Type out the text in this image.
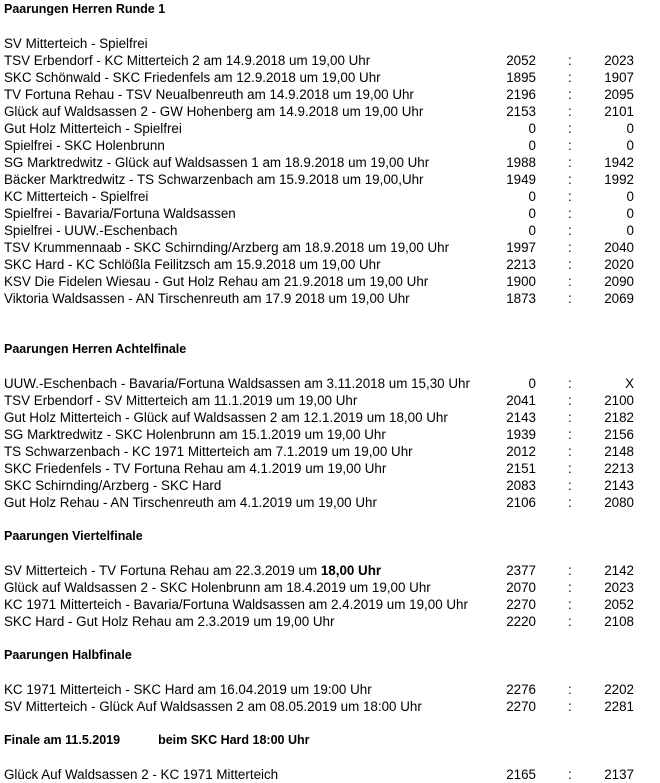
Paarungen Herren Runde 1
SV Mitterteich - Spielfrei
TSV Erbendorf - KC Mitterteich 2 am 14.9.2018 um 19,00 Uhr	2052 : 2023
SKC Schönwald - SKC Friedenfels am 12.9.2018 um 19,00 Uhr	1895 : 1907
TV Fortuna Rehau - TSV Neualbenreuth am 14.9.2018 um 19,00 Uhr	2196 : 2095
Glück auf Waldsassen 2 - GW Hohenberg am 14.9.2018 um 19,00 Uhr	2153 : 2101
Gut Holz Mitterteich - Spielfrei	0 :	0
Spielfrei - SKC Holenbrunn	0 :	0
SG Marktredwitz - Glück auf Waldsassen 1 am 18.9.2018 um 19,00 Uhr	1988 : 1942
Bäcker Marktredwitz - TS Schwarzenbach am 15.9.2018 um 19,00,Uhr	1949 : 1992
KC Mitterteich - Spielfrei	0 :	0
Spielfrei - Bavaria/Fortuna Waldsassen	0 :	0
Spielfrei - UUW.-Eschenbach	0 :	0
TSV Krummennaab - SKC Schirnding/Arzberg am 18.9.2018 um 19,00 Uhr	1997 : 2040
SKC Hard - KC Schlößla Feilitzsch am 15.9.2018 um 19,00 Uhr	2213 : 2020
KSV Die Fidelen Wiesau - Gut Holz Rehau am 21.9.2018 um 19,00 Uhr	1900 : 2090
Viktoria Waldsassen - AN Tirschenreuth am 17.9 2018 um 19,00 Uhr	1873 : 2069
Paarungen Herren Achtelfinale
UUW.-Eschenbach - Bavaria/Fortuna Waldsassen am 3.11.2018 um 15,30 Uhr	0 :	X
TSV Erbendorf - SV Mitterteich am 11.1.2019 um 19,00 Uhr	2041 : 2100
Gut Holz Mitterteich - Glück auf Waldsassen 2 am 12.1.2019 um 18,00 Uhr	2143 : 2182
SG Marktredwitz - SKC Holenbrunn am 15.1.2019 um 19,00 Uhr	1939 : 2156
TS Schwarzenbach - KC 1971 Mitterteich am 7.1.2019 um 19,00 Uhr	2012 : 2148
SKC Friedenfels - TV Fortuna Rehau am 4.1.2019 um 19,00 Uhr	2151 : 2213
SKC Schirnding/Arzberg - SKC Hard	2083 : 2143
Gut Holz Rehau - AN Tirschenreuth am 4.1.2019 um 19,00 Uhr	2106 : 2080
Paarungen Viertelfinale
SV Mitterteich - TV Fortuna Rehau am 22.3.2019 um 18,00 Uhr	2377 : 2142
Glück auf Waldsassen 2 - SKC Holenbrunn am 18.4.2019 um 19,00 Uhr	2070 : 2023
KC 1971 Mitterteich - Bavaria/Fortuna Waldsassen am 2.4.2019 um 19,00 Uhr	2270 : 2052
SKC Hard - Gut Holz Rehau am 2.3.2019 um 19,00 Uhr	2220 : 2108
Paarungen Halbfinale
KC 1971 Mitterteich - SKC Hard am 16.04.2019 um 19:00 Uhr	2276 : 2202
SV Mitterteich - Glück Auf Waldsassen 2 am 08.05.2019 um 18:00 Uhr	2270 : 2281
Finale am 11.5.2019	beim SKC Hard 18:00 Uhr
Glück Auf Waldsassen 2 - KC 1971 Mitterteich	2165 : 2137
